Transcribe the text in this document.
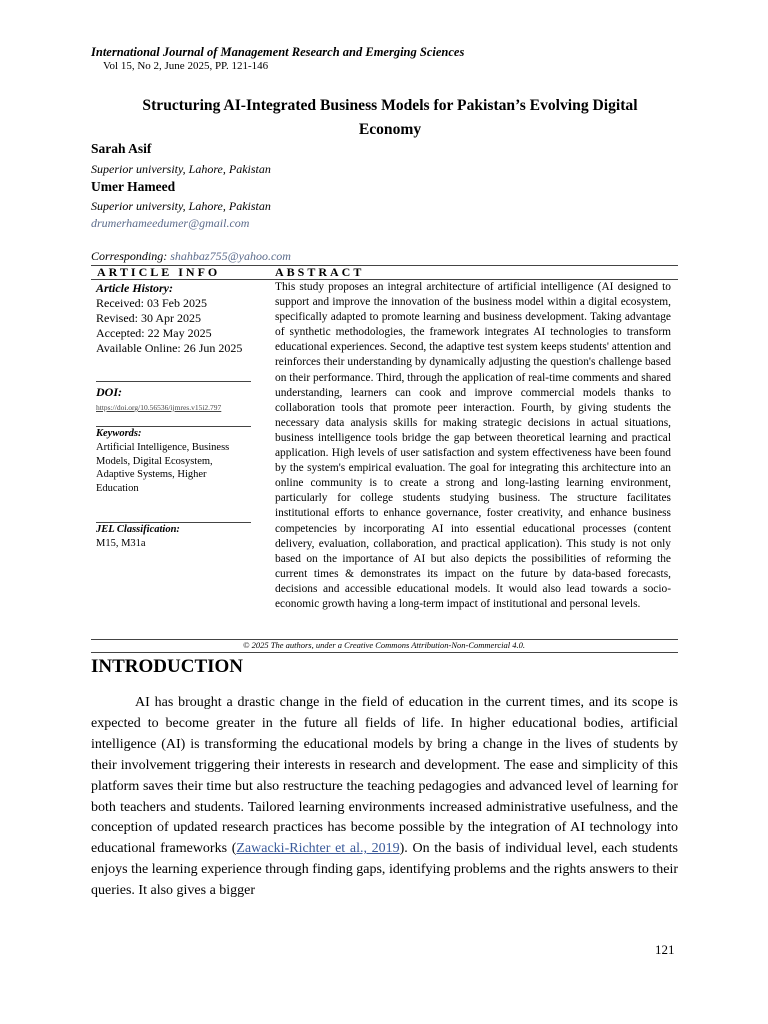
International Journal of Management Research and Emerging Sciences
Vol 15, No 2, June 2025, PP. 121-146
Structuring AI-Integrated Business Models for Pakistan’s Evolving Digital Economy
Sarah Asif
Superior university, Lahore, Pakistan
Umer Hameed
Superior university, Lahore, Pakistan
drumerhameedumer@gmail.com
Corresponding: shahbaz755@yahoo.com
ARTICLE INFO	ABSTRACT
Article History:
Received: 03 Feb 2025
Revised: 30 Apr 2025
Accepted: 22 May 2025
Available Online: 26 Jun 2025
DOI:
https://doi.org/10.56536/ijmres.v15i2.797
Keywords:
Artificial Intelligence, Business Models, Digital Ecosystem, Adaptive Systems, Higher Education
JEL Classification:
M15, M31a
This study proposes an integral architecture of artificial intelligence (AI designed to support and improve the innovation of the business model within a digital ecosystem, specifically adapted to promote learning and business development. Taking advantage of synthetic methodologies, the framework integrates AI technologies to transform educational experiences. Second, the adaptive test system keeps students' attention and reinforces their understanding by dynamically adjusting the question's challenge based on their performance. Third, through the application of real-time comments and shared understanding, learners can cook and improve commercial models thanks to collaboration tools that promote peer interaction. Fourth, by giving students the necessary data analysis skills for making strategic decisions in actual situations, business intelligence tools bridge the gap between theoretical learning and practical application. High levels of user satisfaction and system effectiveness have been found by the system's empirical evaluation. The goal for integrating this architecture into an online community is to create a strong and long-lasting learning environment, particularly for college students studying business. The structure facilitates institutional efforts to enhance governance, foster creativity, and enhance business competencies by incorporating AI into essential educational processes (content delivery, evaluation, collaboration, and practical application). This study is not only based on the importance of AI but also depicts the possibilities of reforming the current times & demonstrates its impact on the future by data-based forecasts, decisions and accessible educational models. It would also lead towards a socio-economic growth having a long-term impact of institutional and personal levels.
© 2025 The authors, under a Creative Commons Attribution-Non-Commercial 4.0.
INTRODUCTION
AI has brought a drastic change in the field of education in the current times, and its scope is expected to become greater in the future all fields of life. In higher educational bodies, artificial intelligence (AI) is transforming the educational models by bring a change in the lives of students by their involvement triggering their interests in research and development. The ease and simplicity of this platform saves their time but also restructure the teaching pedagogies and advanced level of learning for both teachers and students. Tailored learning environments increased administrative usefulness, and the conception of updated research practices has become possible by the integration of AI technology into educational frameworks (Zawacki-Richter et al., 2019). On the basis of individual level, each students enjoys the learning experience through finding gaps, identifying problems and the rights answers to their queries. It also gives a bigger
121
